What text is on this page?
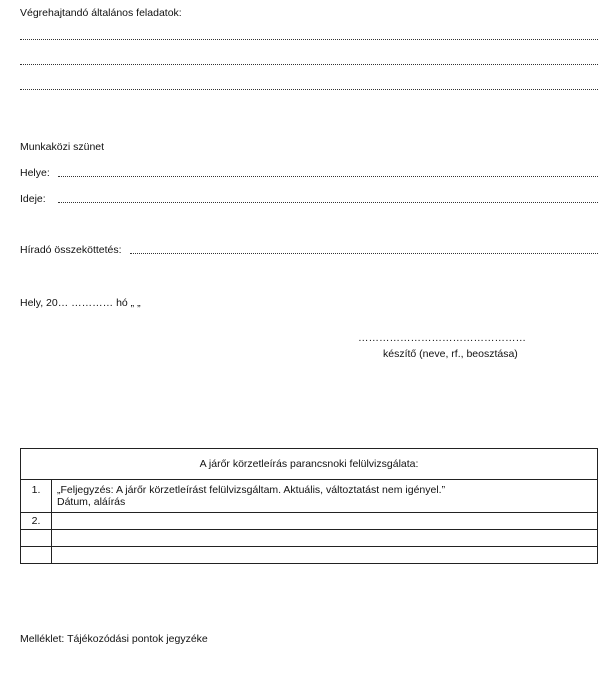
Végrehajtandó általános feladatok:
Munkaközi szünet
Helye:
Ideje:
Híradó összeköttetés:
Hely, 20… ………… hó „ „
…………………………………………
készítő (neve, rf., beosztása)
A járőr körzetleírás parancsnoki felülvizsgálata:	
1.	„Feljegyzés: A járőr körzetleírást felülvizsgáltam. Aktuális, változtatást nem igényel.”
Dátum, aláírás

2.	

Melléklet: Tájékozódási pontok jegyzéke
